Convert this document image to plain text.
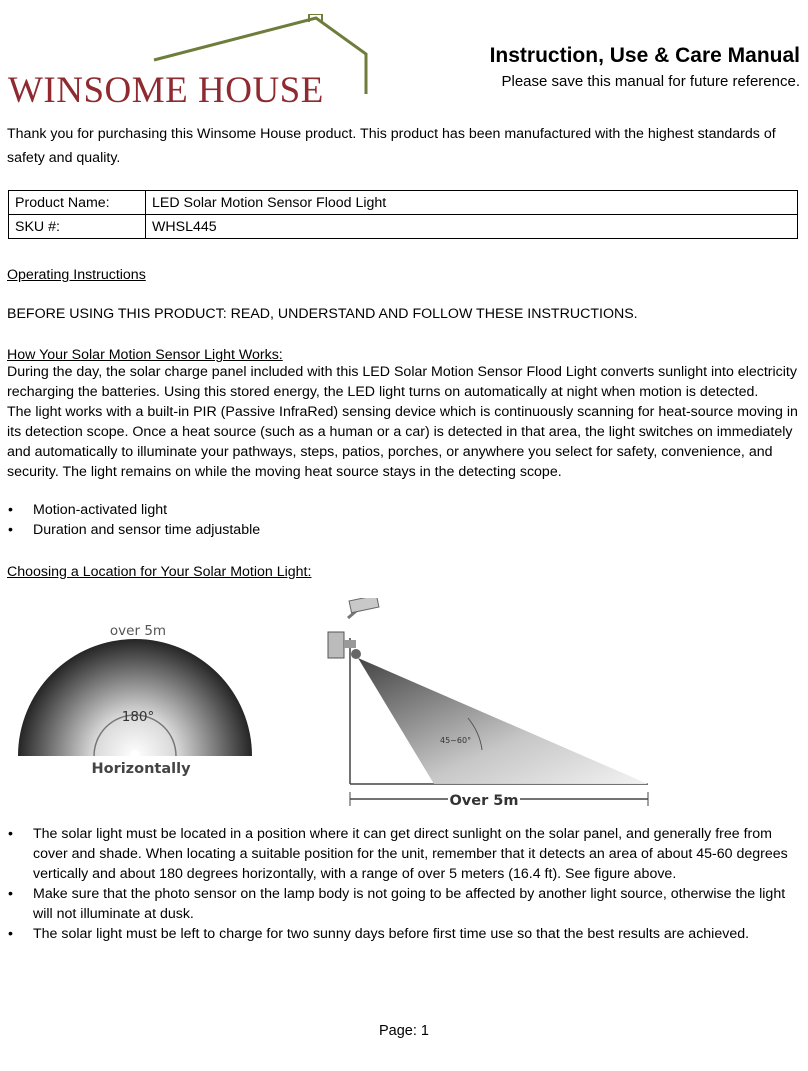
WINSOME HOUSE
Instruction, Use & Care Manual
Please save this manual for future reference.
Thank you for purchasing this Winsome House product. This product has been manufactured with the highest standards of safety and quality.
Product Name:	LED Solar Motion Sensor Flood Light
SKU #:	WHSL445
Operating Instructions
BEFORE USING THIS PRODUCT: READ, UNDERSTAND AND FOLLOW THESE INSTRUCTIONS.
How Your Solar Motion Sensor Light Works:
During the day, the solar charge panel included with this LED Solar Motion Sensor Flood Light converts sunlight into electricity recharging the batteries. Using this stored energy, the LED light turns on automatically at night when motion is detected.
The light works with a built-in PIR (Passive InfraRed) sensing device which is continuously scanning for heat-source moving in its detection scope. Once a heat source (such as a human or a car) is detected in that area, the light switches on immediately and automatically to illuminate your pathways, steps, patios, porches, or anywhere you select for safety, convenience, and security. The light remains on while the moving heat source stays in the detecting scope.
• Motion-activated light
• Duration and sensor time adjustable
Choosing a Location for Your Solar Motion Light:
over 5m
180°
Horizontally
45~60°
Over 5m
• The solar light must be located in a position where it can get direct sunlight on the solar panel, and generally free from cover and shade. When locating a suitable position for the unit, remember that it detects an area of about 45-60 degrees vertically and about 180 degrees horizontally, with a range of over 5 meters (16.4 ft). See figure above.
• Make sure that the photo sensor on the lamp body is not going to be affected by another light source, otherwise the light will not illuminate at dusk.
• The solar light must be left to charge for two sunny days before first time use so that the best results are achieved.
Page: 1
